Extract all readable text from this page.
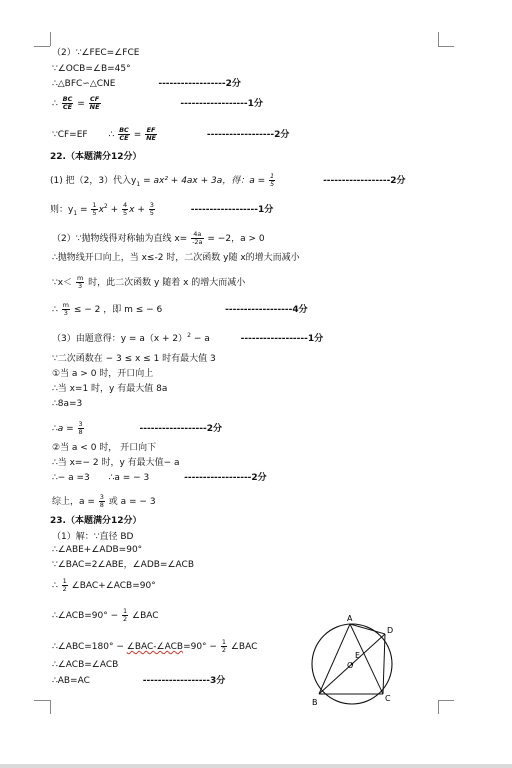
（2）∵∠FEC=∠FCE
∵∠OCB=∠B=45°
∴△BFC∽△CNE	------------------2分
∴ $\frac{BC}{CE} = \frac{CF}{NE}$	------------------1分
∵CF=EF ∴ $\frac{BC}{CE} = \frac{EF}{NE}$	------------------2分
22.（本题满分12分）
(1) 把（2，3）代入$y_1 = ax^2 + 4ax + 3a$，得：$a = \frac{1}{5}$	------------------2分
则：$y_1 = \frac{1}{5} x^2 + \frac{4}{5}$ $x + \frac{3}{5}$	------------------1分
（2）∵抛物线得对称轴为直线 $x= \frac{4a}{-2a} = -2$，a > 0
∴抛物线开口向上，当 x≤-2 时，二次函数 y随 x的增大而减小
∵x＜ $\frac{m}{3}$ 时，此二次函数 y 随着 x 的增大而减小
∴ $\frac{m}{3}$ ≤ − 2 ，即 m ≤ − 6	------------------4分
（3）由题意得：$y = a(x + 2)^2 - a$	------------------1分
∵二次函数在 − 3 ≤ x ≤ 1 时有最大值 3
①当 a > 0 时，开口向上
∴当 x=1 时，y 有最大值 8a
∴8a=3
∴a = $\frac{3}{8}$	------------------2分
②当 a < 0 时， 开口向下
∴当 x=− 2 时，y 有最大值− a
∴− a =3 ∴a = − 3	------------------2分
综上，$a = \frac{3}{8}$ 或 a = − 3
23.（本题满分12分）
（1）解：∵直径 BD
∴∠ABE+∠ADB=90°
∵∠BAC=2∠ABE，∠ADB=∠ACB
∴ $\frac{1}{2}$ ∠BAC+∠ACB=90°
∴∠ACB=90° − $\frac{1}{2}$ ∠BAC
∴∠ABC=180° − ∠BAC-∠ACB=90° − $\frac{1}{2}$ ∠BAC
∴∠ACB=∠ACB
∴AB=AC	------------------3分
A
D
E
O
B	C
